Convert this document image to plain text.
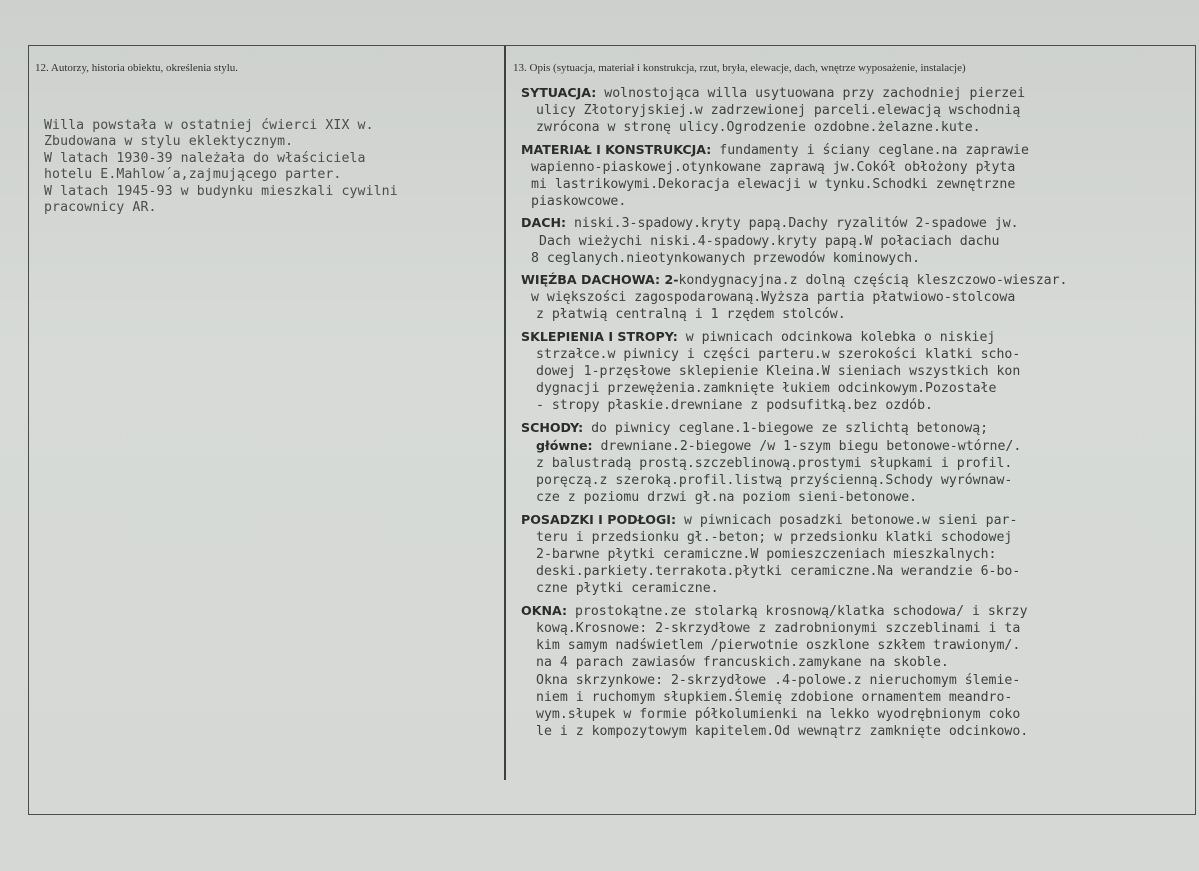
12. Autorzy, historia obiektu, określenia stylu.	13. Opis (sytuacja, materiał i konstrukcja, rzut, bryła, elewacje, dach, wnętrze wyposażenie, instalacje)
Willa powstała w ostatniej ćwierci XIX w.
Zbudowana w stylu eklektycznym.
W latach 1930-39 należała do właściciela
hotelu E.Mahlow´a,zajmującego parter.
W latach 1945-93 w budynku mieszkali cywilni
pracownicy AR.
SYTUACJA: wolnostojąca willa usytuowana przy zachodniej pierzei
ulicy Złotoryjskiej.w zadrzewionej parceli.elewacją wschodnią
zwrócona w stronę ulicy.Ogrodzenie ozdobne.żelazne.kute.
MATERIAŁ I KONSTRUKCJA: fundamenty i ściany ceglane.na zaprawie
wapienno-piaskowej.otynkowane zaprawą jw.Cokół obłożony płyta
mi lastrikowymi.Dekoracja elewacji w tynku.Schodki zewnętrzne
piaskowcowe.
DACH: niski.3-spadowy.kryty papą.Dachy ryzalitów 2-spadowe jw.
Dach wieżychi niski.4-spadowy.kryty papą.W połaciach dachu
8 ceglanych.nieotynkowanych przewodów kominowych.
WIĘŹBA DACHOWA: 2-kondygnacyjna.z dolną częścią kleszczowo-wieszar.
w większości zagospodarowaną.Wyższa partia płatwiowo-stolcowa
z płatwią centralną i 1 rzędem stolców.
SKLEPIENIA I STROPY: w piwnicach odcinkowa kolebka o niskiej
strzałce.w piwnicy i części parteru.w szerokości klatki scho-
dowej 1-przęsłowe sklepienie Kleina.W sieniach wszystkich kon
dygnacji przewężenia.zamknięte łukiem odcinkowym.Pozostałe
- stropy płaskie.drewniane z podsufitką.bez ozdób.
SCHODY: do piwnicy ceglane.1-biegowe ze szlichtą betonową;
główne: drewniane.2-biegowe /w 1-szym biegu betonowe-wtórne/.
z balustradą prostą.szczeblinową.prostymi słupkami i profil.
poręczą.z szeroką.profil.listwą przyścienną.Schody wyrównaw-
cze z poziomu drzwi gł.na poziom sieni-betonowe.
POSADZKI I PODŁOGI: w piwnicach posadzki betonowe.w sieni par-
teru i przedsionku gł.-beton; w przedsionku klatki schodowej
2-barwne płytki ceramiczne.W pomieszczeniach mieszkalnych:
deski.parkiety.terrakota.płytki ceramiczne.Na werandzie 6-bo-
czne płytki ceramiczne.
OKNA: prostokątne.ze stolarką krosnową/klatka schodowa/ i skrzy
kową.Krosnowe: 2-skrzydłowe z zadrobnionymi szczeblinami i ta
kim samym nadświetlem /pierwotnie oszklone szkłem trawionym/.
na 4 parach zawiasów francuskich.zamykane na skoble.
Okna skrzynkowe: 2-skrzydłowe .4-polowe.z nieruchomym ślemie-
niem i ruchomym słupkiem.Ślemię zdobione ornamentem meandro-
wym.słupek w formie półkolumienki na lekko wyodrębnionym coko
le i z kompozytowym kapitelem.Od wewnątrz zamknięte odcinkowo.
